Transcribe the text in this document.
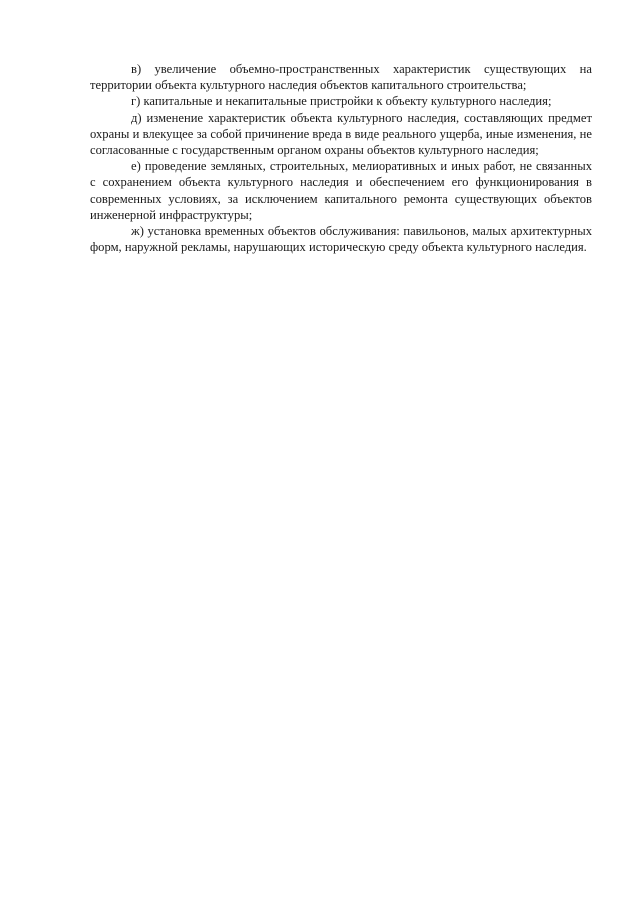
в) увеличение объемно-пространственных характеристик существующих на территории объекта культурного наследия объектов капитального строительства;

г) капитальные и некапитальные пристройки к объекту культурного наследия;

д) изменение характеристик объекта культурного наследия, составляющих предмет охраны и влекущее за собой причинение вреда в виде реального ущерба, иные изменения, не согласованные с государственным органом охраны объектов культурного наследия;

е) проведение земляных, строительных, мелиоративных и иных работ, не связанных с сохранением объекта культурного наследия и обеспечением его функционирования в современных условиях, за исключением капитального ремонта существующих объектов инженерной инфраструктуры;

ж) установка временных объектов обслуживания: павильонов, малых архитектурных форм, наружной рекламы, нарушающих историческую среду объекта культурного наследия.
